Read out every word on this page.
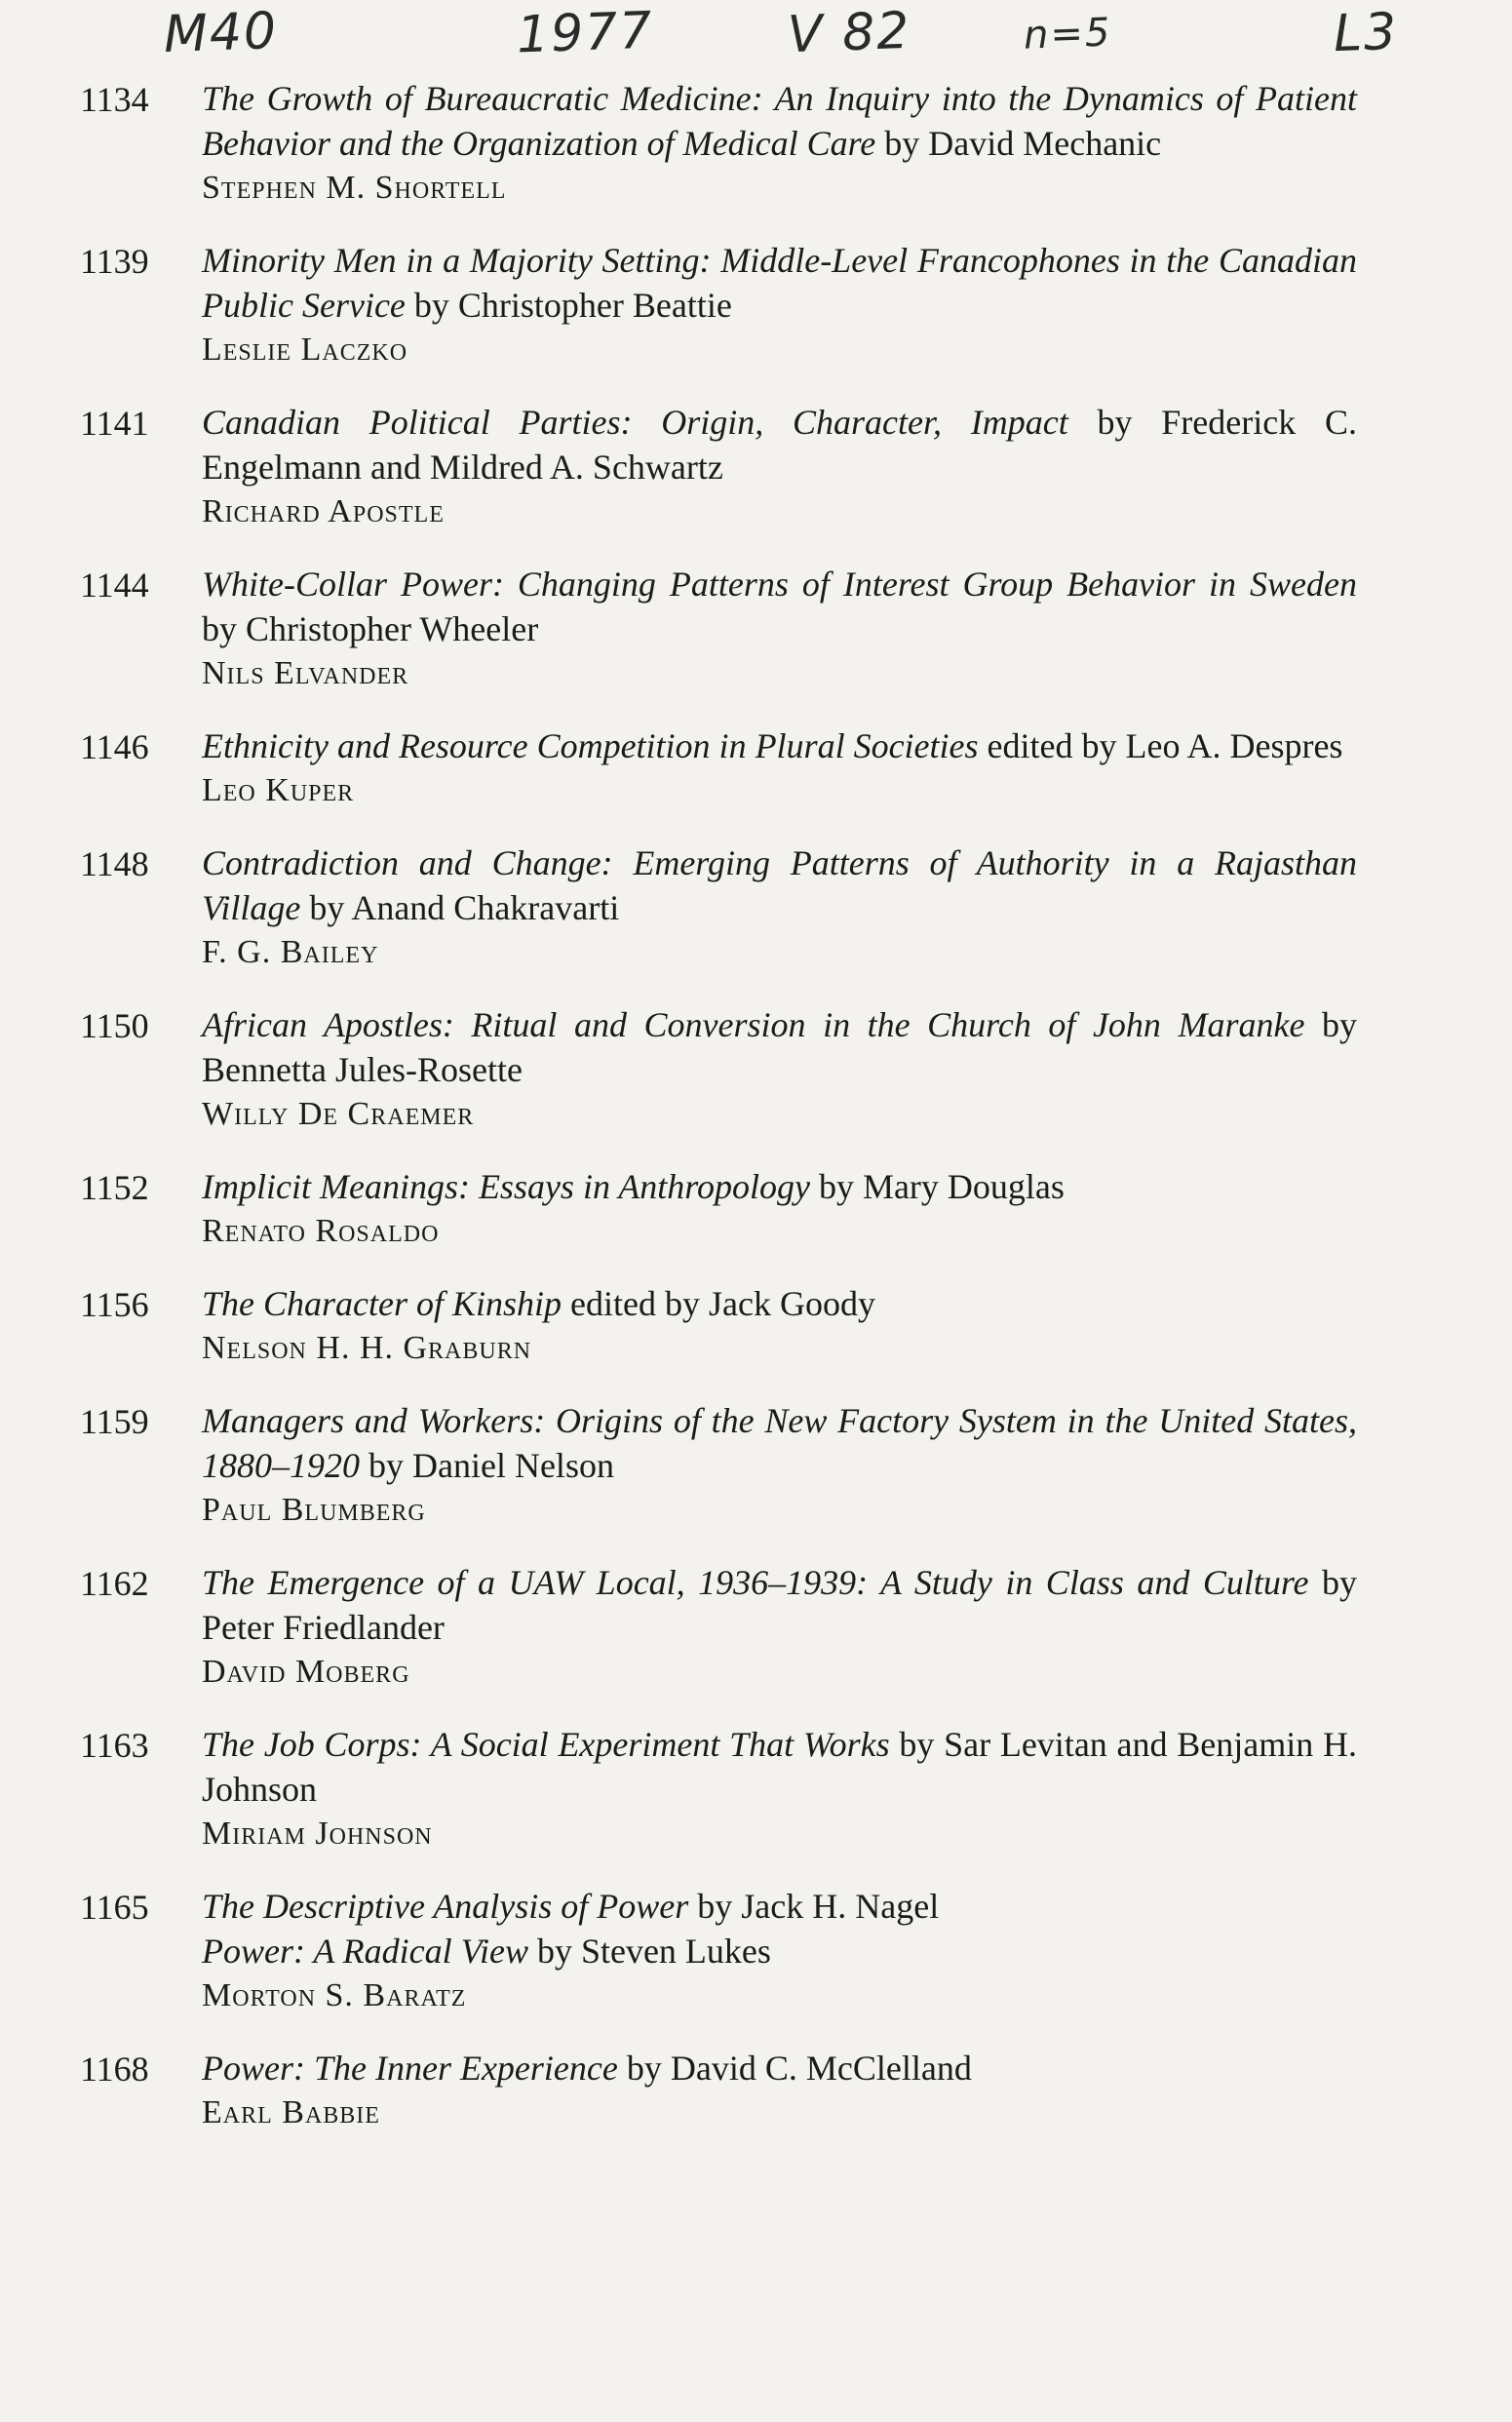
M40	1977	V 82	n=5	L3
1134	The Growth of Bureaucratic Medicine: An Inquiry into the Dynamics of Patient Behavior and the Organization of Medical Care by David Mechanic
Stephen M. Shortell
1139	Minority Men in a Majority Setting: Middle-Level Francophones in the Canadian Public Service by Christopher Beattie
Leslie Laczko
1141	Canadian Political Parties: Origin, Character, Impact by Frederick C. Engelmann and Mildred A. Schwartz
Richard Apostle
1144	White-Collar Power: Changing Patterns of Interest Group Behavior in Sweden by Christopher Wheeler
Nils Elvander
1146	Ethnicity and Resource Competition in Plural Societies edited by Leo A. Despres
Leo Kuper
1148	Contradiction and Change: Emerging Patterns of Authority in a Rajasthan Village by Anand Chakravarti
F. G. Bailey
1150	African Apostles: Ritual and Conversion in the Church of John Maranke by Bennetta Jules-Rosette
Willy De Craemer
1152	Implicit Meanings: Essays in Anthropology by Mary Douglas
Renato Rosaldo
1156	The Character of Kinship edited by Jack Goody
Nelson H. H. Graburn
1159	Managers and Workers: Origins of the New Factory System in the United States, 1880–1920 by Daniel Nelson
Paul Blumberg
1162	The Emergence of a UAW Local, 1936–1939: A Study in Class and Culture by Peter Friedlander
David Moberg
1163	The Job Corps: A Social Experiment That Works by Sar Levitan and Benjamin H. Johnson
Miriam Johnson
1165	The Descriptive Analysis of Power by Jack H. Nagel
Power: A Radical View by Steven Lukes
Morton S. Baratz
1168	Power: The Inner Experience by David C. McClelland
Earl Babbie
